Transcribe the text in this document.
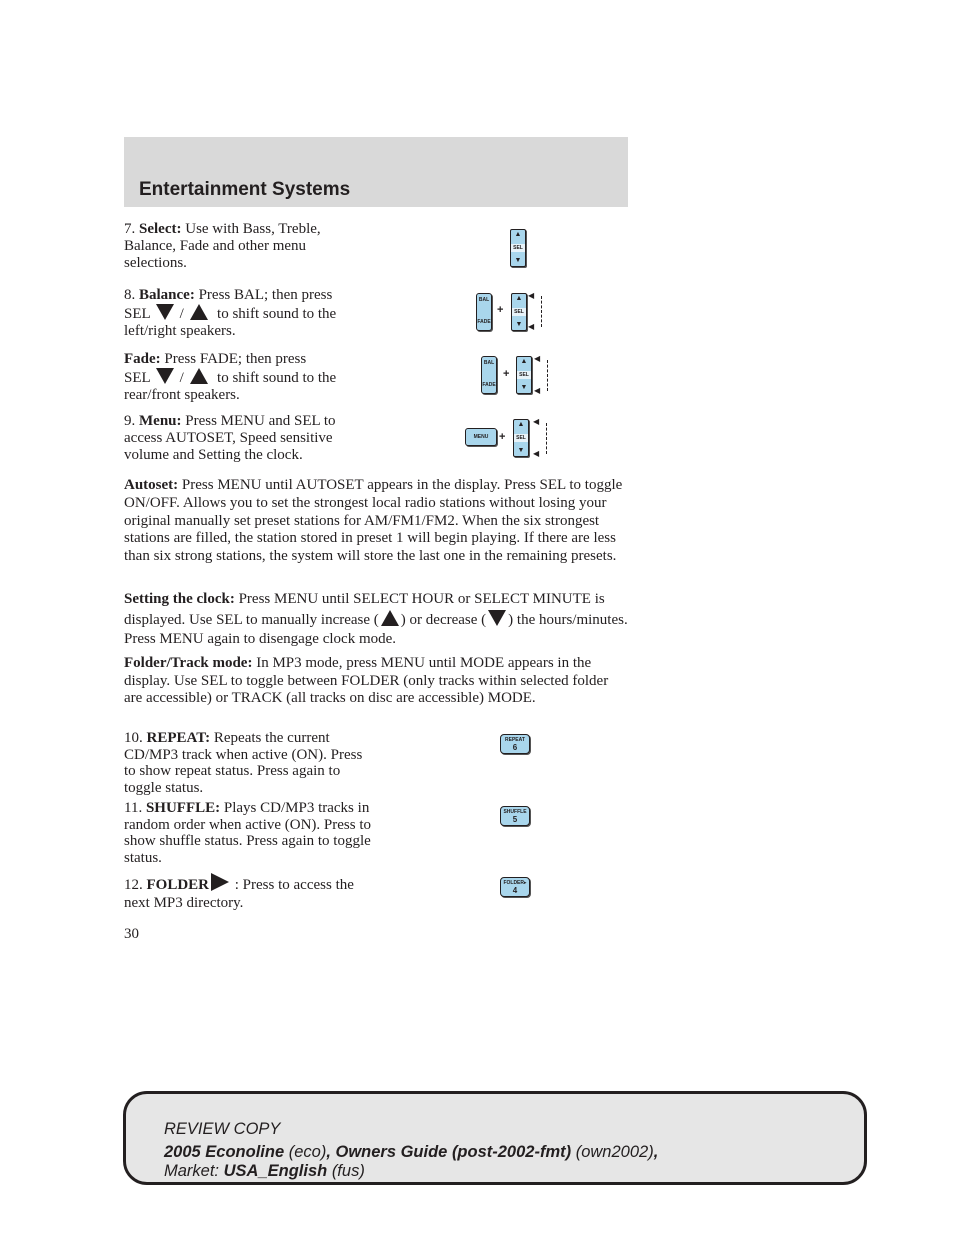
Entertainment Systems

7. Select: Use with Bass, Treble, Balance, Fade and other menu selections.

▲
SEL
▼

8. Balance: Press BAL; then press
SEL / to shift sound to the
left/right speakers.

BAL
FADE
+
▲
SEL
▼
◀
◀

Fade: Press FADE; then press
SEL / to shift sound to the
rear/front speakers.

BAL
FADE
+
▲
SEL
▼
◀
◀

9. Menu: Press MENU and SEL to access AUTOSET, Speed sensitive volume and Setting the clock.

MENU +
▲
SEL
▼
◀
◀

Autoset: Press MENU until AUTOSET appears in the display. Press SEL to toggle ON/OFF. Allows you to set the strongest local radio stations without losing your original manually set preset stations for AM/FM1/FM2. When the six strongest stations are filled, the station stored in preset 1 will begin playing. If there are less than six strong stations, the system will store the last one in the remaining presets.

Setting the clock: Press MENU until SELECT HOUR or SELECT MINUTE is displayed. Use SEL to manually increase ( ) or decrease ( ) the hours/minutes. Press MENU again to disengage clock mode.

Folder/Track mode: In MP3 mode, press MENU until MODE appears in the display. Use SEL to toggle between FOLDER (only tracks within selected folder are accessible) or TRACK (all tracks on disc are accessible) MODE.

10. REPEAT: Repeats the current CD/MP3 track when active (ON). Press to show repeat status. Press again to toggle status.

REPEAT
6

11. SHUFFLE: Plays CD/MP3 tracks in random order when active (ON). Press to show shuffle status. Press again to toggle status.

SHUFFLE
5

12. FOLDER : Press to access the next MP3 directory.

FOLDER▸
4
30
REVIEW COPY
2005 Econoline (eco), Owners Guide (post-2002-fmt) (own2002),
Market: USA_English (fus)
